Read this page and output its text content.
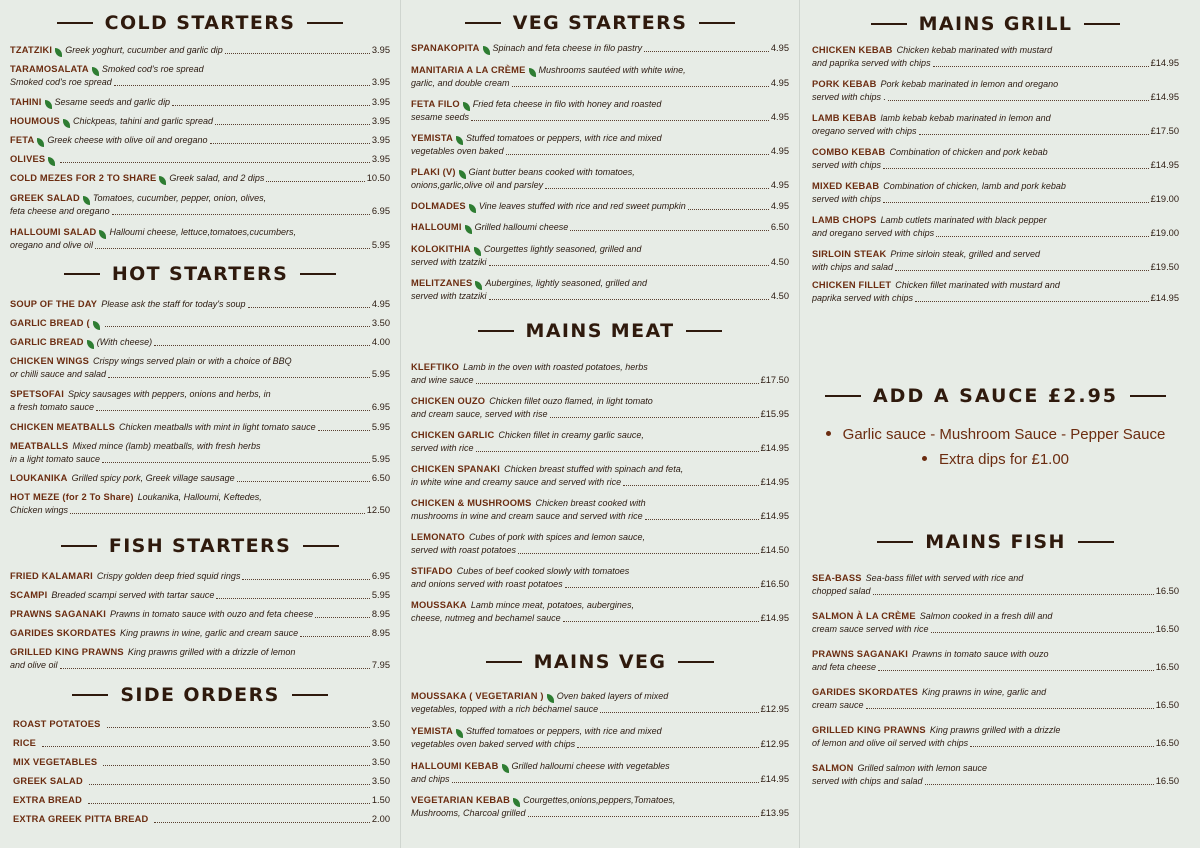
COLD STARTERS
TZATZIKI Greek yoghurt, cucumber and garlic dip	3.95
TARAMOSALATA Smoked cod's roe spread
Smoked cod's roe spread	3.95
TAHINI Sesame seeds and garlic dip	3.95
HOUMOUS Chickpeas, tahini and garlic spread	3.95
FETA Greek cheese with olive oil and oregano	3.95
OLIVES	3.95
COLD MEZES FOR 2 TO SHARE Greek salad, and 2 dips	10.50
GREEK SALAD Tomatoes, cucumber, pepper, onion, olives,
feta cheese and oregano	6.95
HALLOUMI SALAD Halloumi cheese, lettuce,tomatoes,cucumbers,
oregano and olive oil	5.95
HOT STARTERS
SOUP OF THE DAY Please ask the staff for today's soup	4.95
GARLIC BREAD (	3.50
GARLIC BREAD (With cheese)	4.00
CHICKEN WINGS Crispy wings served plain or with a choice of BBQ
or chilli sauce and salad	5.95
SPETSOFAI Spicy sausages with peppers, onions and herbs, in
a fresh tomato sauce	6.95
CHICKEN MEATBALLS Chicken meatballs with mint in light tomato sauce	5.95
MEATBALLS Mixed mince (lamb) meatballs, with fresh herbs
in a light tomato sauce	5.95
LOUKANIKA Grilled spicy pork, Greek village sausage	6.50
HOT MEZE (for 2 To Share) Loukanika, Halloumi, Keftedes,
Chicken wings	12.50
FISH STARTERS
FRIED KALAMARI Crispy golden deep fried squid rings	6.95
SCAMPI Breaded scampi served with tartar sauce	5.95
PRAWNS SAGANAKI Prawns in tomato sauce with ouzo and feta cheese	8.95
GARIDES SKORDATES King prawns in wine, garlic and cream sauce	8.95
GRILLED KING PRAWNS King prawns grilled with a drizzle of lemon
and olive oil	7.95
SIDE ORDERS
ROAST POTATOES	3.50
RICE	3.50
MIX VEGETABLES	3.50
GREEK SALAD	3.50
EXTRA BREAD	1.50
EXTRA GREEK PITTA BREAD	2.00
VEG STARTERS
SPANAKOPITA Spinach and feta cheese in filo pastry	4.95
MANITARIA A LA CRÈME Mushrooms sautéed with white wine,
garlic, and double cream	4.95
FETA FILO Fried feta cheese in filo with honey and roasted
sesame seeds	4.95
YEMISTA Stuffed tomatoes or peppers, with rice and mixed
vegetables oven baked	4.95
PLAKI (V) Giant butter beans cooked with tomatoes,
onions,garlic,olive oil and parsley	4.95
DOLMADES Vine leaves stuffed with rice and red sweet pumpkin	4.95
HALLOUMI Grilled halloumi cheese	6.50
KOLOKITHIA Courgettes lightly seasoned, grilled and
served with tzatziki	4.50
MELITZANES Aubergines, lightly seasoned, grilled and
served with tzatziki	4.50
MAINS MEAT
KLEFTIKO Lamb in the oven with roasted potatoes, herbs
and wine sauce	£17.50
CHICKEN OUZO Chicken fillet ouzo flamed, in light tomato
and cream sauce, served with rise	£15.95
CHICKEN GARLIC Chicken fillet in creamy garlic sauce,
served with rice	£14.95
CHICKEN SPANAKI Chicken breast stuffed with spinach and feta,
in white wine and creamy sauce and served with rice	£14.95
CHICKEN & MUSHROOMS Chicken breast cooked with
mushrooms in wine and cream sauce and served with rice	£14.95
LEMONATO Cubes of pork with spices and lemon sauce,
served with roast potatoes	£14.50
STIFADO Cubes of beef cooked slowly with tomatoes
and onions served with roast potatoes	£16.50
MOUSSAKA Lamb mince meat, potatoes, aubergines,
cheese, nutmeg and bechamel sauce	£14.95
MAINS VEG
MOUSSAKA ( VEGETARIAN ) Oven baked layers of mixed
vegetables, topped with a rich béchamel sauce	£12.95
YEMISTA Stuffed tomatoes or peppers, with rice and mixed
vegetables oven baked served with chips	£12.95
HALLOUMI KEBAB Grilled halloumi cheese with vegetables
and chips	£14.95
VEGETARIAN KEBAB Courgettes,onions,peppers,Tomatoes,
Mushrooms, Charcoal grilled	£13.95
MAINS GRILL
CHICKEN KEBAB Chicken kebab marinated with mustard
and paprika served with chips	£14.95
PORK KEBAB Pork kebab marinated in lemon and oregano
served with chips .	£14.95
LAMB KEBAB lamb kebab kebab marinated in lemon and
oregano served with chips	£17.50
COMBO KEBAB Combination of chicken and pork kebab
served with chips	£14.95
MIXED KEBAB Combination of chicken, lamb and pork kebab
served with chips	£19.00
LAMB CHOPS Lamb cutlets marinated with black pepper
and oregano served with chips	£19.00
SIRLOIN STEAK Prime sirloin steak, grilled and served
with chips and salad	£19.50
CHICKEN FILLET Chicken fillet marinated with mustard and
paprika served with chips	£14.95
ADD A SAUCE £2.95
Garlic sauce - Mushroom Sauce - Pepper Sauce
Extra dips for £1.00
MAINS FISH
SEA-BASS Sea-bass fillet with served with rice and
chopped salad	16.50
SALMON À LA CRÈME Salmon cooked in a fresh dill and
cream sauce served with rice	16.50
PRAWNS SAGANAKI Prawns in tomato sauce with ouzo
and feta cheese	16.50
GARIDES SKORDATES King prawns in wine, garlic and
cream sauce	16.50
GRILLED KING PRAWNS King prawns grilled with a drizzle
of lemon and olive oil served with chips	16.50
SALMON Grilled salmon with lemon sauce
served with chips and salad	16.50
